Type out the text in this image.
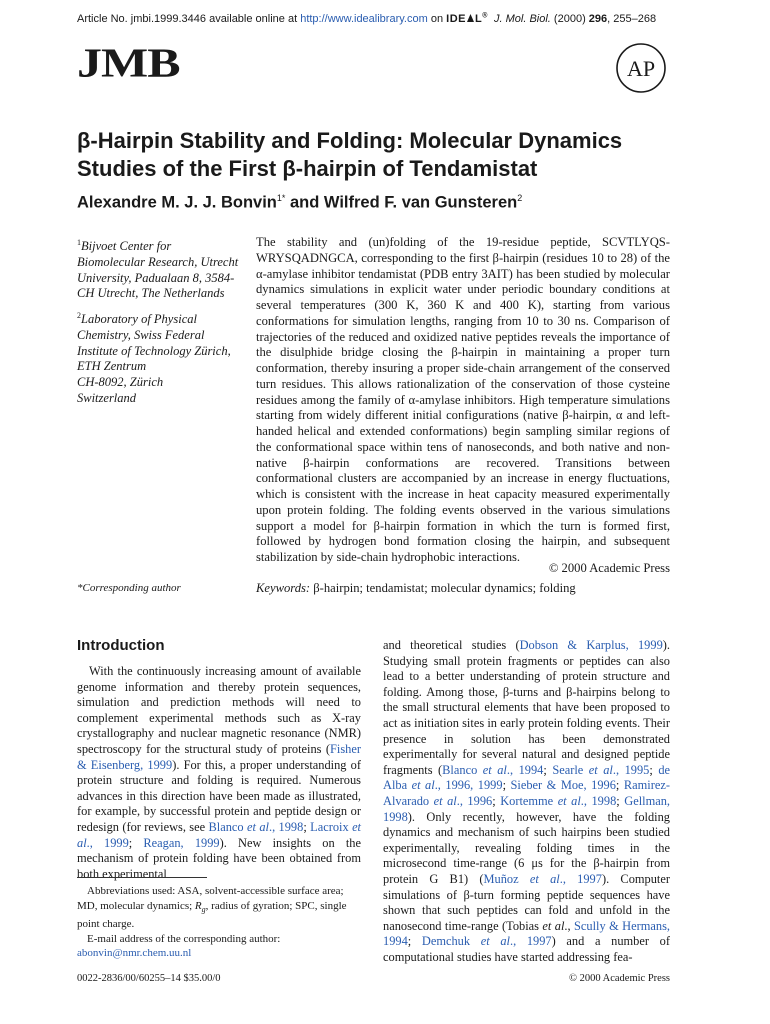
Article No. jmbi.1999.3446 available online at http://www.idealibrary.com on IDE L® J. Mol. Biol. (2000) 296, 255–268
JMB	AP
β-Hairpin Stability and Folding: Molecular Dynamics
Studies of the First β-hairpin of Tendamistat
Alexandre M. J. J. Bonvin$^{1*}$ and Wilfred F. van Gunsteren$^2$
$^1$Bijvoet Center for
Biomolecular Research, Utrecht
University, Padualaan 8, 3584-
CH Utrecht, The Netherlands
$^2$Laboratory of Physical
Chemistry, Swiss Federal
Institute of Technology Zürich,
ETH Zentrum
CH-8092, Zürich
Switzerland
The stability and (un)folding of the 19-residue peptide, SCVTLYQS-WRYSQADNGCA, corresponding to the first β-hairpin (residues 10 to 28) of the α-amylase inhibitor tendamistat (PDB entry 3AIT) has been studied by molecular dynamics simulations in explicit water under periodic boundary conditions at several temperatures (300 K, 360 K and 400 K), starting from various conformations for simulation lengths, ranging from 10 to 30 ns. Comparison of trajectories of the reduced and oxidized native peptides reveals the importance of the disulphide bridge closing the β-hairpin in maintaining a proper turn conformation, thereby insuring a proper side-chain arrangement of the conserved turn residues. This allows rationalization of the conservation of those cysteine residues among the family of α-amylase inhibitors. High temperature simulations starting from widely different initial configurations (native β-hairpin, α and left-handed helical and extended conformations) begin sampling similar regions of the conformational space within tens of nanoseconds, and both native and non-native β-hairpin conformations are recovered. Transitions between conformational clusters are accompanied by an increase in energy fluctuations, which is consistent with the increase in heat capacity measured experimentally upon protein folding. The folding events observed in the various simulations support a model for β-hairpin formation in which the turn is formed first, followed by hydrogen bond formation closing the hairpin, and subsequent stabilization by side-chain hydrophobic interactions.
© 2000 Academic Press
*Corresponding author	Keywords: β-hairpin; tendamistat; molecular dynamics; folding
Introduction
With the continuously increasing amount of available genome information and thereby protein sequences, simulation and prediction methods will need to complement experimental methods such as X-ray crystallography and nuclear magnetic resonance (NMR) spectroscopy for the structural study of proteins (Fisher & Eisenberg, 1999). For this, a proper understanding of protein structure and folding is required. Numerous advances in this direction have been made as illustrated, for example, by successful protein and peptide design or redesign (for reviews, see Blanco et al., 1998; Lacroix et al., 1999; Reagan, 1999). New insights on the mechanism of protein folding have been obtained from both experimental
and theoretical studies (Dobson & Karplus, 1999). Studying small protein fragments or peptides can also lead to a better understanding of protein structure and folding. Among those, β-turns and β-hairpins belong to the small structural elements that have been proposed to act as initiation sites in early protein folding events. Their presence in solution has been demonstrated experimentally for several natural and designed peptide fragments (Blanco et al., 1994; Searle et al., 1995; de Alba et al., 1996, 1999; Sieber & Moe, 1996; Ramirez-Alvarado et al., 1996; Kortemme et al., 1998; Gellman, 1998). Only recently, however, have the folding dynamics and mechanism of such hairpins been studied experimentally, revealing folding times in the microsecond time-range (6 μs for the β-hairpin from protein G B1) (Muñoz et al., 1997). Computer simulations of β-turn forming peptide sequences have shown that such peptides can fold and unfold in the nanosecond time-range (Tobias et al., Scully & Hermans, 1994; Demchuk et al., 1997) and a number of computational studies have started addressing fea-
Abbreviations used: ASA, solvent-accessible surface area; MD, molecular dynamics; $R_g$, radius of gyration; SPC, single point charge.
E-mail address of the corresponding author:
abonvin@nmr.chem.uu.nl
0022-2836/00/60255–14 $35.00/0	© 2000 Academic Press
